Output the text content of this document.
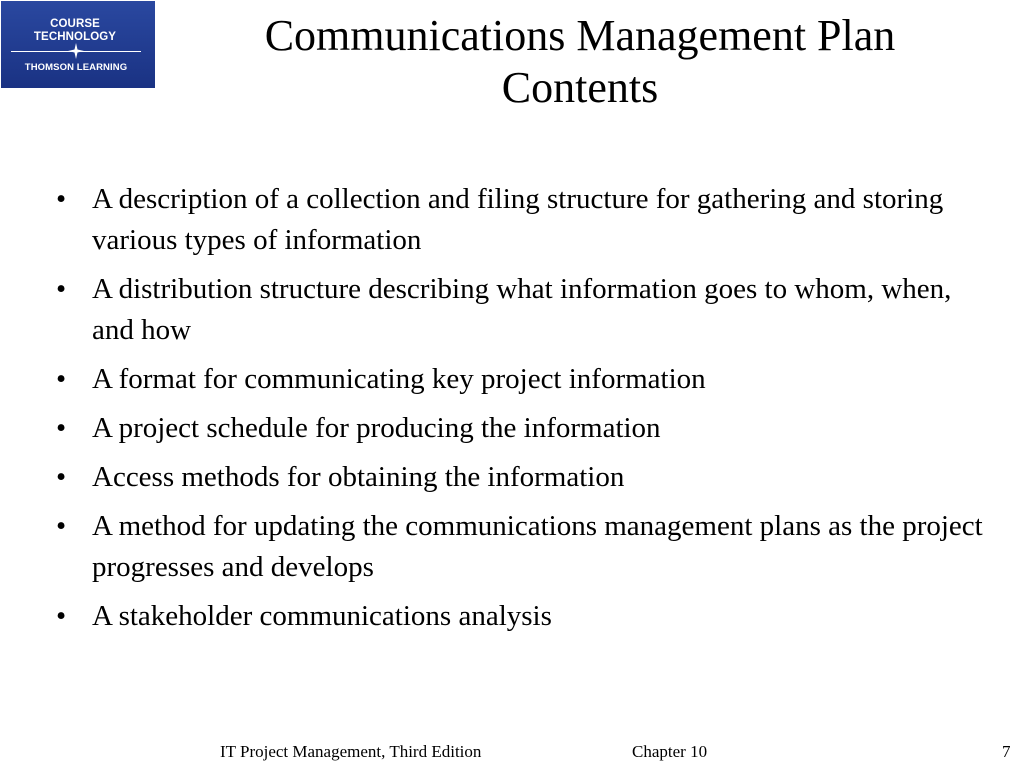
COURSE
TECHNOLOGY
THOMSON LEARNING
Communications Management Plan
Contents
• A description of a collection and filing structure for gathering and storing various types of information
• A distribution structure describing what information goes to whom, when, and how
• A format for communicating key project information
• A project schedule for producing the information
• Access methods for obtaining the information
• A method for updating the communications management plans as the project progresses and develops
• A stakeholder communications analysis
IT Project Management, Third Edition	Chapter 10	7
